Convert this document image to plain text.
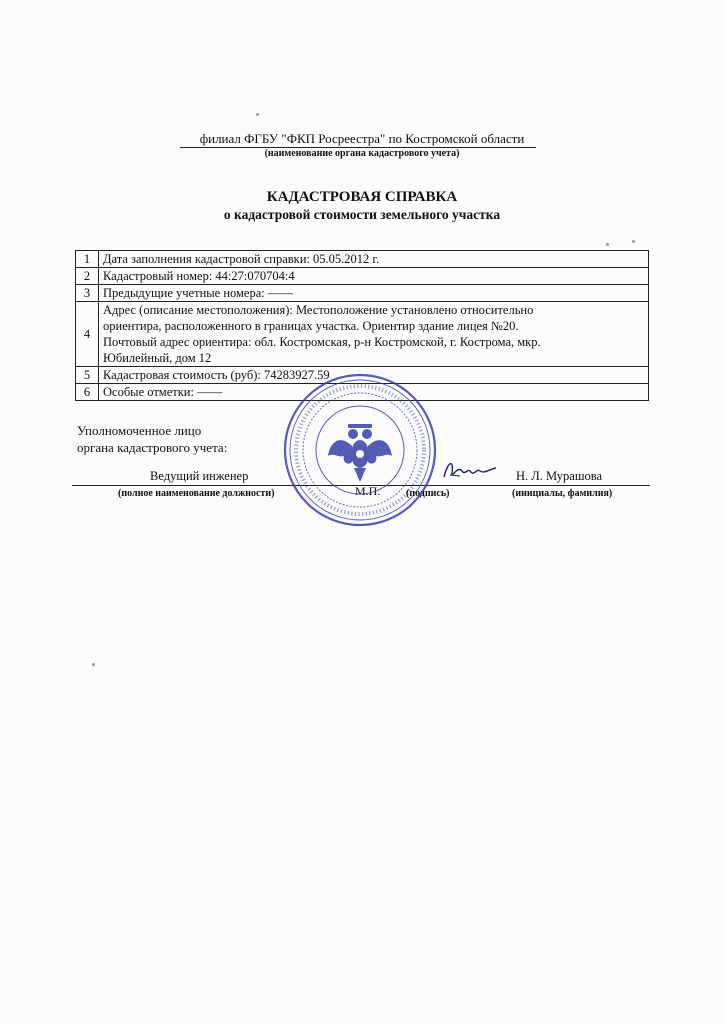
филиал ФГБУ "ФКП Росреестра" по Костромской области
(наименование органа кадастрового учета)
КАДАСТРОВАЯ СПРАВКА
о кадастровой стоимости земельного участка
1	Дата заполнения кадастровой справки: 05.05.2012 г.
2	Кадастровый номер: 44:27:070704:4
3	Предыдущие учетные номера: ——
4	Адрес (описание местоположения): Местоположение установлено относительно
ориентира, расположенного в границах участка. Ориентир здание лицея №20.
Почтовый адрес ориентира: обл. Костромская, р-н Костромской, г. Кострома, мкр.
Юбилейный, дом 12

5	Кадастровая стоимость (руб): 74283927.59
6	Особые отметки: ——
Уполномоченное лицо
органа кадастрового учета:
Ведущий инженер	Н. Л. Мурашова
(полное наименование должности)	(подпись)	(инициалы, фамилия)
М.П.
